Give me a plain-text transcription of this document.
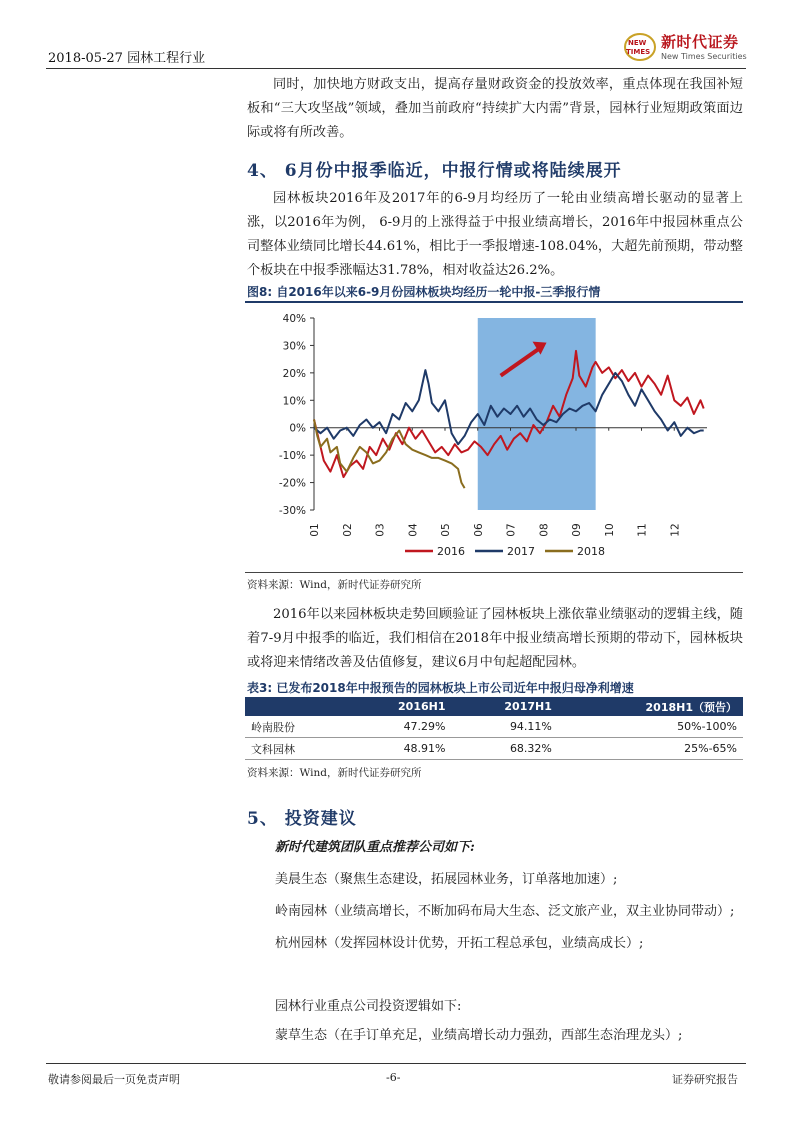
2018-05-27 园林工程行业
NEW
TIMES
新时代证券
New Times Securities

同时，加快地方财政支出，提高存量财政资金的投放效率，重点体现在我国补短板和“三大攻坚战”领域，叠加当前政府“持续扩大内需”背景，园林行业短期政策面边际或将有所改善。

4、 6月份中报季临近，中报行情或将陆续展开

园林板块2016年及2017年的6-9月均经历了一轮由业绩高增长驱动的显著上涨，以2016年为例， 6-9月的上涨得益于中报业绩高增长，2016年中报园林重点公司整体业绩同比增长44.61%，相比于一季报增速-108.04%，大超先前预期，带动整个板块在中报季涨幅达31.78%，相对收益达26.2%。

图8: 自2016年以来6-9月份园林板块均经历一轮中报-三季报行情
40%
30%
20%
10%
0%
-10%
-20%
-30%
01 02 03 04 05 06 07 08 09 10 11 12
2016	2017	2018
资料来源：Wind，新时代证券研究所

2016年以来园林板块走势回顾验证了园林板块上涨依靠业绩驱动的逻辑主线，随着7-9月中报季的临近，我们相信在2018年中报业绩高增长预期的带动下，园林板块或将迎来情绪改善及估值修复，建议6月中旬起超配园林。

表3: 已发布2018年中报预告的园林板块上市公司近年中报归母净利增速
	2016H1	2017H1	2018H1（预告）
岭南股份	47.29%	94.11%	50%-100%
文科园林	48.91%	68.32%	25%-65%
资料来源：Wind，新时代证券研究所
5、 投资建议
新时代建筑团队重点推荐公司如下:
美晨生态（聚焦生态建设，拓展园林业务，订单落地加速）;
岭南园林（业绩高增长，不断加码布局大生态、泛文旅产业，双主业协同带动）;
杭州园林（发挥园林设计优势，开拓工程总承包，业绩高成长）;
园林行业重点公司投资逻辑如下:
蒙草生态（在手订单充足，业绩高增长动力强劲，西部生态治理龙头）;
敬请参阅最后一页免责声明	-6-	证券研究报告
